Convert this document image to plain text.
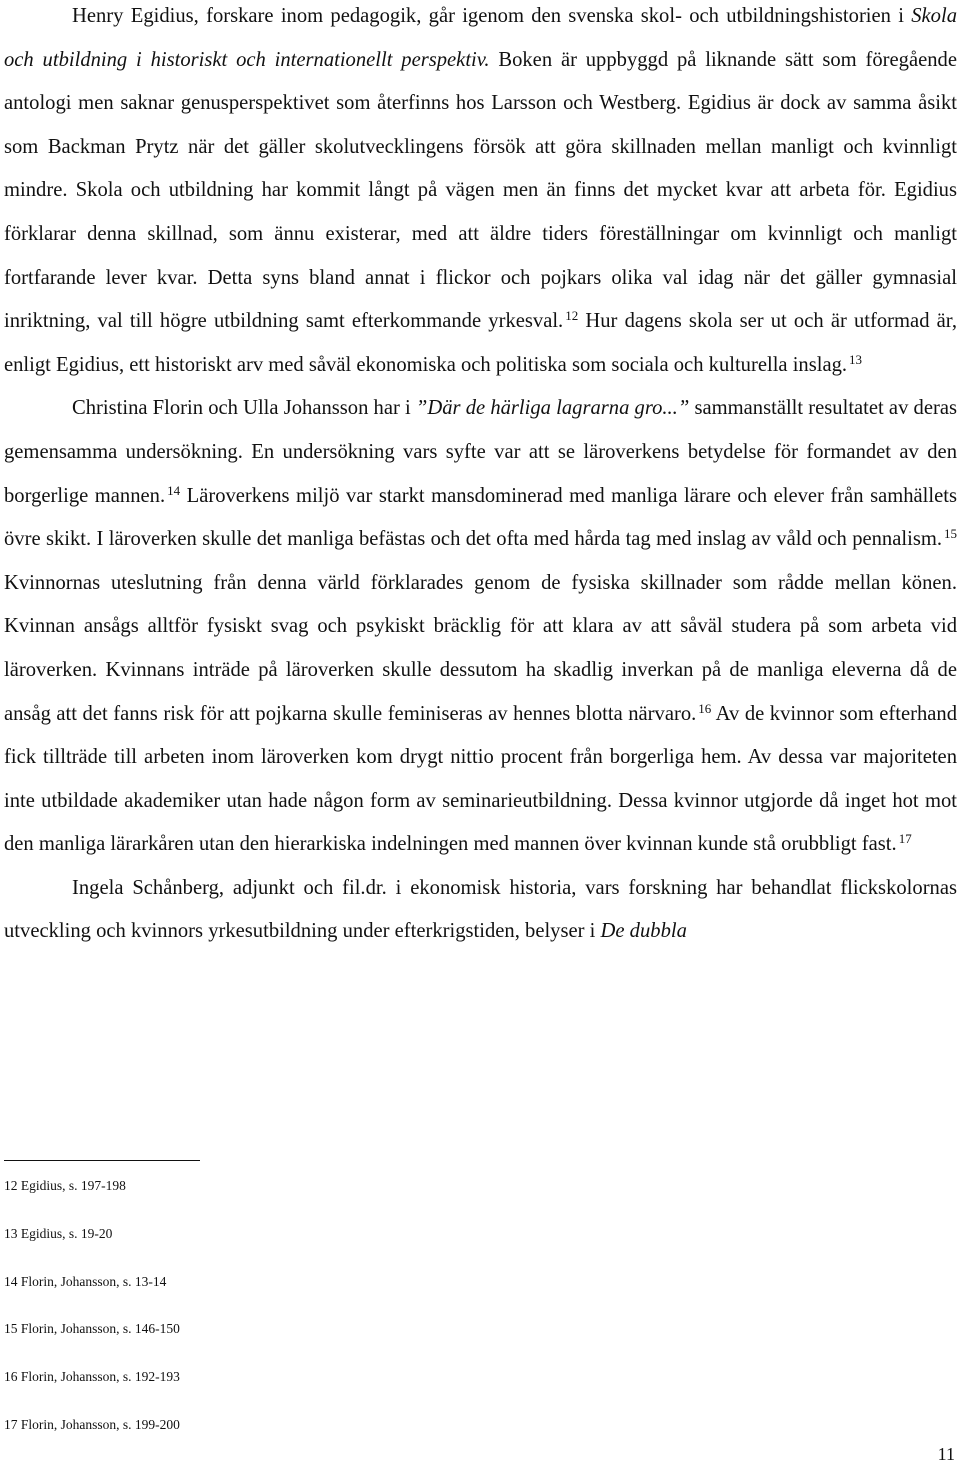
Henry Egidius, forskare inom pedagogik, går igenom den svenska skol- och utbildningshistorien i Skola och utbildning i historiskt och internationellt perspektiv. Boken är uppbyggd på liknande sätt som föregående antologi men saknar genusperspektivet som återfinns hos Larsson och Westberg. Egidius är dock av samma åsikt som Backman Prytz när det gäller skolutvecklingens försök att göra skillnaden mellan manligt och kvinnligt mindre. Skola och utbildning har kommit långt på vägen men än finns det mycket kvar att arbeta för. Egidius förklarar denna skillnad, som ännu existerar, med att äldre tiders föreställningar om kvinnligt och manligt fortfarande lever kvar. Detta syns bland annat i flickor och pojkars olika val idag när det gäller gymnasial inriktning, val till högre utbildning samt efterkommande yrkesval. $^{12}$ Hur dagens skola ser ut och är utformad är, enligt Egidius, ett historiskt arv med såväl ekonomiska och politiska som sociala och kulturella inslag. $^{13}$

Christina Florin och Ulla Johansson har i ”Där de härliga lagrarna gro...” sammanställt resultatet av deras gemensamma undersökning. En undersökning vars syfte var att se läroverkens betydelse för formandet av den borgerlige mannen. $^{14}$ Läroverkens miljö var starkt mansdominerad med manliga lärare och elever från samhällets övre skikt. I läroverken skulle det manliga befästas och det ofta med hårda tag med inslag av våld och pennalism. $^{15}$ Kvinnornas uteslutning från denna värld förklarades genom de fysiska skillnader som rådde mellan könen. Kvinnan ansågs alltför fysiskt svag och psykiskt bräcklig för att klara av att såväl studera på som arbeta vid läroverken. Kvinnans inträde på läroverken skulle dessutom ha skadlig inverkan på de manliga eleverna då de ansåg att det fanns risk för att pojkarna skulle feminiseras av hennes blotta närvaro. $^{16}$ Av de kvinnor som efterhand fick tillträde till arbeten inom läroverken kom drygt nittio procent från borgerliga hem. Av dessa var majoriteten inte utbildade akademiker utan hade någon form av seminarieutbildning. Dessa kvinnor utgjorde då inget hot mot den manliga lärarkåren utan den hierarkiska indelningen med mannen över kvinnan kunde stå orubbligt fast. $^{17}$

Ingela Schånberg, adjunkt och fil.dr. i ekonomisk historia, vars forskning har behandlat flickskolornas utveckling och kvinnors yrkesutbildning under efterkrigstiden, belyser i De dubbla

12 Egidius, s. 197-198
13 Egidius, s. 19-20
14 Florin, Johansson, s. 13-14
15 Florin, Johansson, s. 146-150
16 Florin, Johansson, s. 192-193
17 Florin, Johansson, s. 199-200
11
